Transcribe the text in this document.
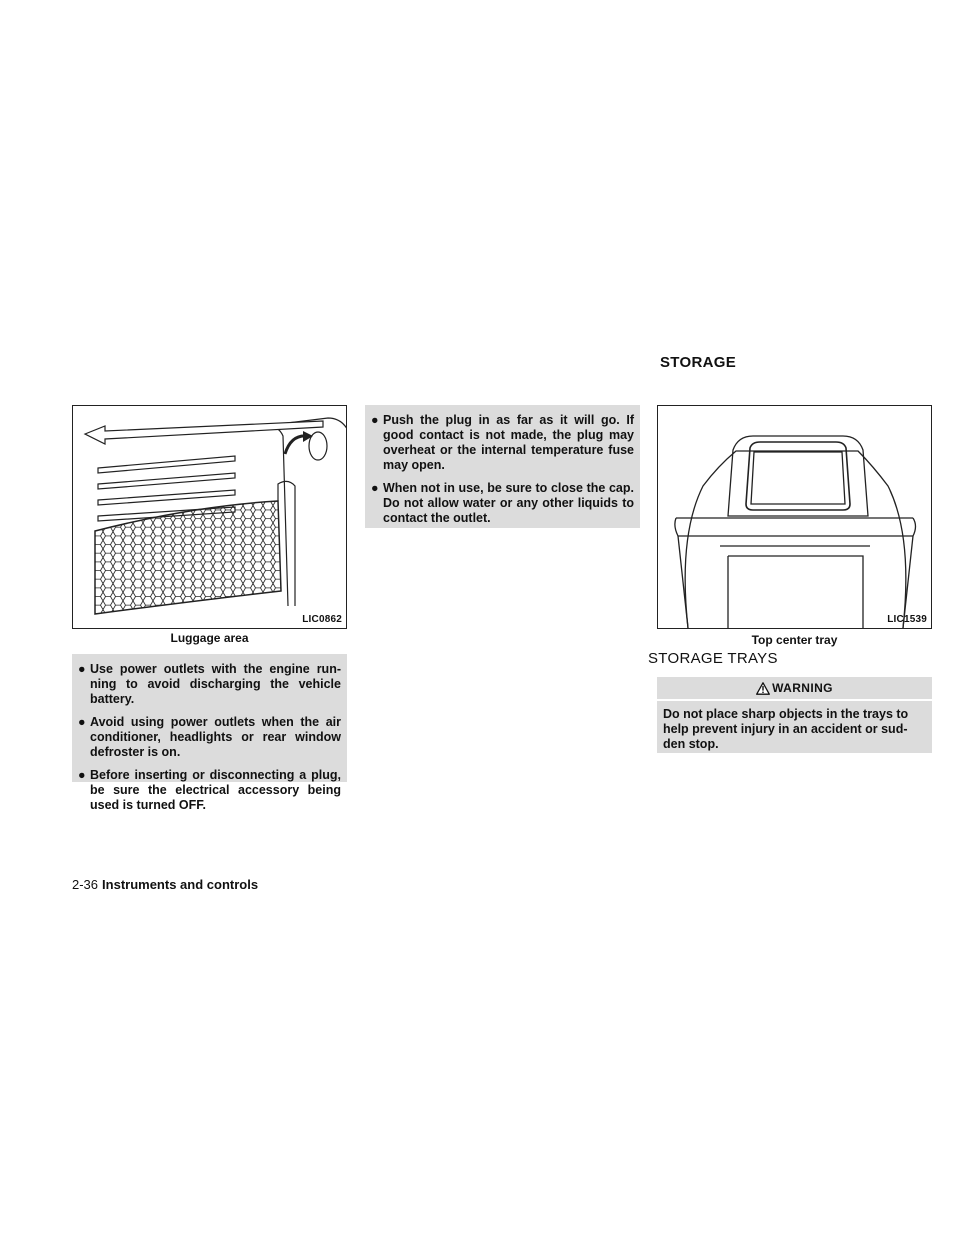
STORAGE
LIC0862
Luggage area
● Use power outlets with the engine run-ning to avoid discharging the vehicle battery.
● Avoid using power outlets when the air conditioner, headlights or rear window defroster is on.
● Before inserting or disconnecting a plug, be sure the electrical accessory being used is turned OFF.
● Push the plug in as far as it will go. If good contact is not made, the plug may overheat or the internal temperature fuse may open.
● When not in use, be sure to close the cap. Do not allow water or any other liquids to contact the outlet.
LIC1539
Top center tray
STORAGE TRAYS
WARNING
Do not place sharp objects in the trays to help prevent injury in an accident or sud-den stop.
2-36 Instruments and controls
